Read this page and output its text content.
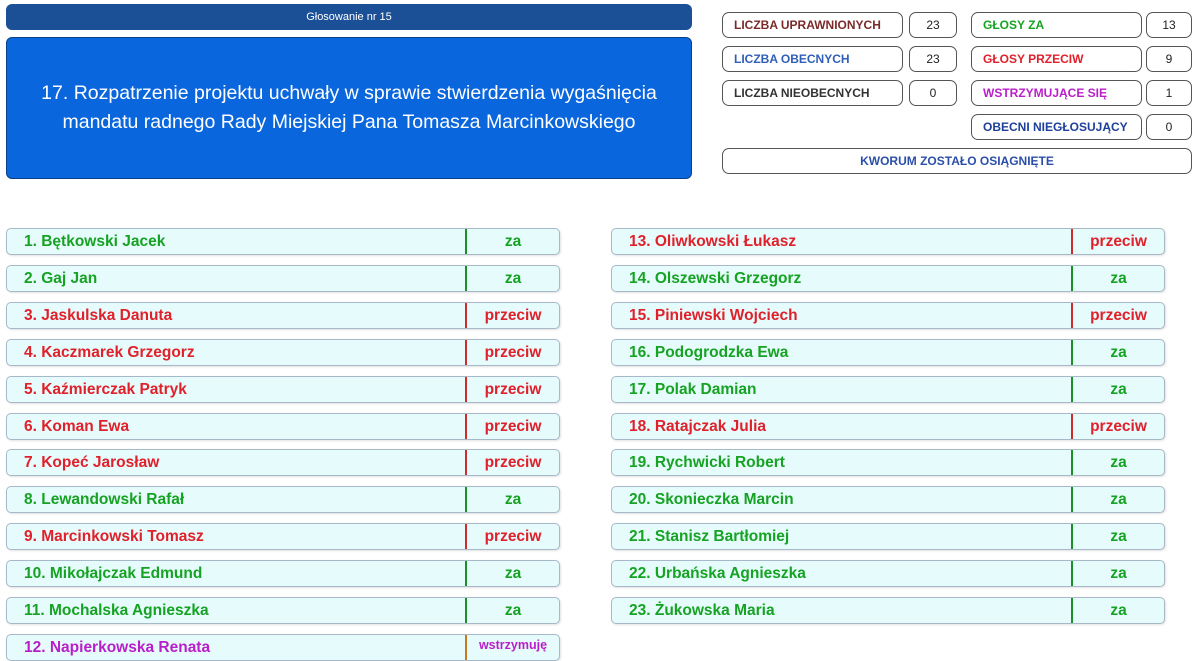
Głosowanie nr 15
17. Rozpatrzenie projektu uchwały w sprawie stwierdzenia wygaśnięcia mandatu radnego Rady Miejskiej Pana Tomasza Marcinkowskiego
LICZBA UPRAWNIONYCH	23
LICZBA OBECNYCH	23
LICZBA NIEOBECNYCH	0
GŁOSY ZA	13
GŁOSY PRZECIW	9
WSTRZYMUJĄCE SIĘ	1
OBECNI NIEGŁOSUJĄCY	0
KWORUM ZOSTAŁO OSIĄGNIĘTE
1. Bętkowski Jacek	za
2. Gaj Jan	za
3. Jaskulska Danuta	przeciw
4. Kaczmarek Grzegorz	przeciw
5. Kaźmierczak Patryk	przeciw
6. Koman Ewa	przeciw
7. Kopeć Jarosław	przeciw
8. Lewandowski Rafał	za
9. Marcinkowski Tomasz	przeciw
10. Mikołajczak Edmund	za
11. Mochalska Agnieszka	za
12. Napierkowska Renata	wstrzymuję
13. Oliwkowski Łukasz	przeciw
14. Olszewski Grzegorz	za
15. Piniewski Wojciech	przeciw
16. Podogrodzka Ewa	za
17. Polak Damian	za
18. Ratajczak Julia	przeciw
19. Rychwicki Robert	za
20. Skonieczka Marcin	za
21. Stanisz Bartłomiej	za
22. Urbańska Agnieszka	za
23. Żukowska Maria	za
